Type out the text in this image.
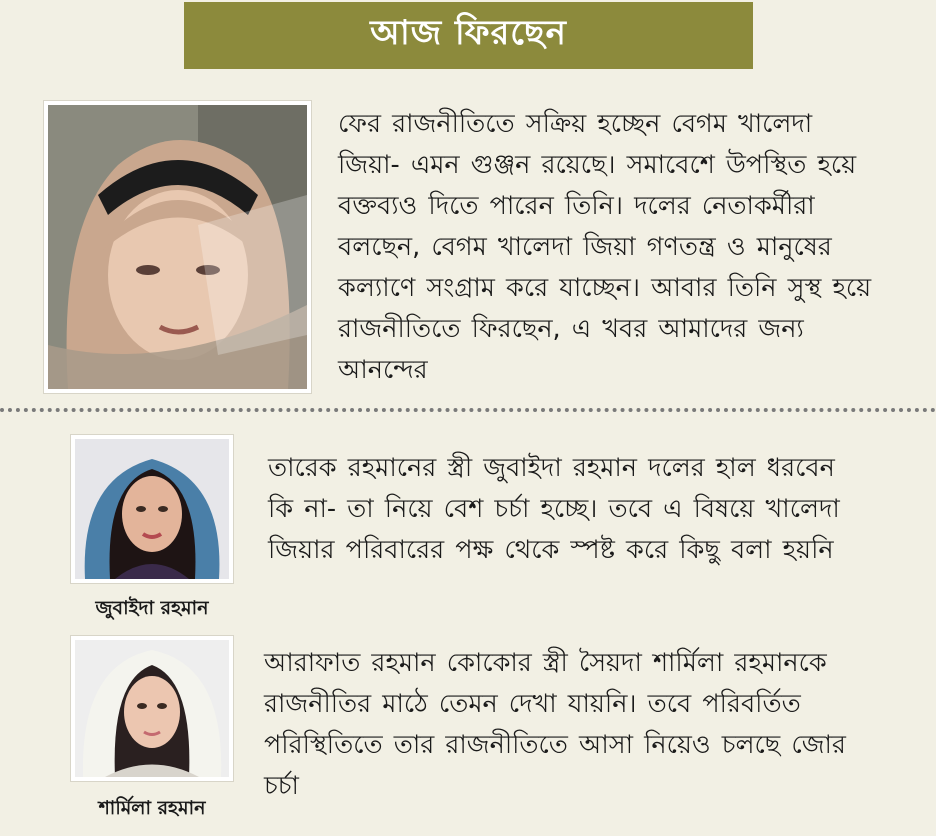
আজ ফিরছেন

ফের রাজনীতিতে সক্রিয় হচ্ছেন বেগম খালেদা জিয়া- এমন গুঞ্জন রয়েছে। সমাবেশে উপস্থিত হয়ে বক্তব্যও দিতে পারেন তিনি। দলের নেতাকর্মীরা বলছেন, বেগম খালেদা জিয়া গণতন্ত্র ও মানুষের কল্যাণে সংগ্রাম করে যাচ্ছেন। আবার তিনি সুস্থ হয়ে রাজনীতিতে ফিরছেন, এ খবর আমাদের জন্য আনন্দের

জুবাইদা রহমান

তারেক রহমানের স্ত্রী জুবাইদা রহমান দলের হাল ধরবেন কি না- তা নিয়ে বেশ চর্চা হচ্ছে। তবে এ বিষয়ে খালেদা জিয়ার পরিবারের পক্ষ থেকে স্পষ্ট করে কিছু বলা হয়নি

শার্মিলা রহমান

আরাফাত রহমান কোকোর স্ত্রী সৈয়দা শার্মিলা রহমানকে রাজনীতির মাঠে তেমন দেখা যায়নি। তবে পরিবর্তিত পরিস্থিতিতে তার রাজনীতিতে আসা নিয়েও চলছে জোর চর্চা
